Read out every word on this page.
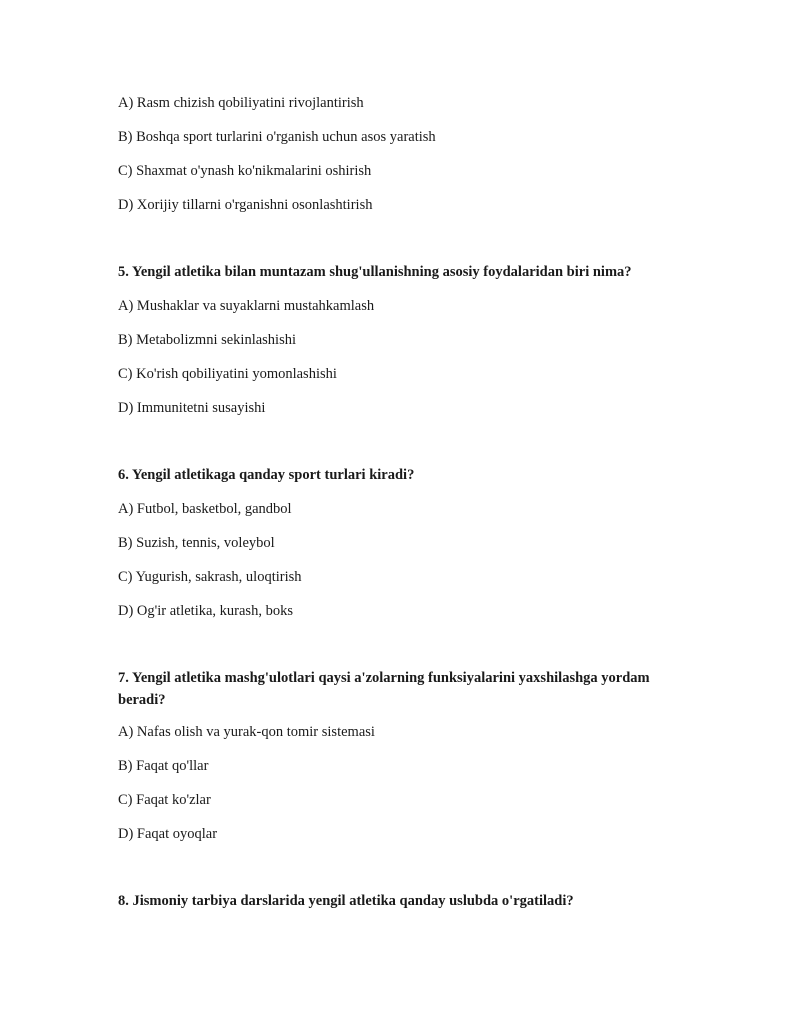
A) Rasm chizish qobiliyatini rivojlantirish
B) Boshqa sport turlarini o'rganish uchun asos yaratish
C) Shaxmat o'ynash ko'nikmalarini oshirish
D) Xorijiy tillarni o'rganishni osonlashtirish
5. Yengil atletika bilan muntazam shug'ullanishning asosiy foydalaridan biri nima?
A) Mushaklar va suyaklarni mustahkamlash
B) Metabolizmni sekinlashishi
C) Ko'rish qobiliyatini yomonlashishi
D) Immunitetni susayishi
6. Yengil atletikaga qanday sport turlari kiradi?
A) Futbol, basketbol, gandbol
B) Suzish, tennis, voleybol
C) Yugurish, sakrash, uloqtirish
D) Og'ir atletika, kurash, boks
7. Yengil atletika mashg'ulotlari qaysi a'zolarning funksiyalarini yaxshilashga yordam beradi?
A) Nafas olish va yurak-qon tomir sistemasi
B) Faqat qo'llar
C) Faqat ko'zlar
D) Faqat oyoqlar
8. Jismoniy tarbiya darslarida yengil atletika qanday uslubda o'rgatiladi?
